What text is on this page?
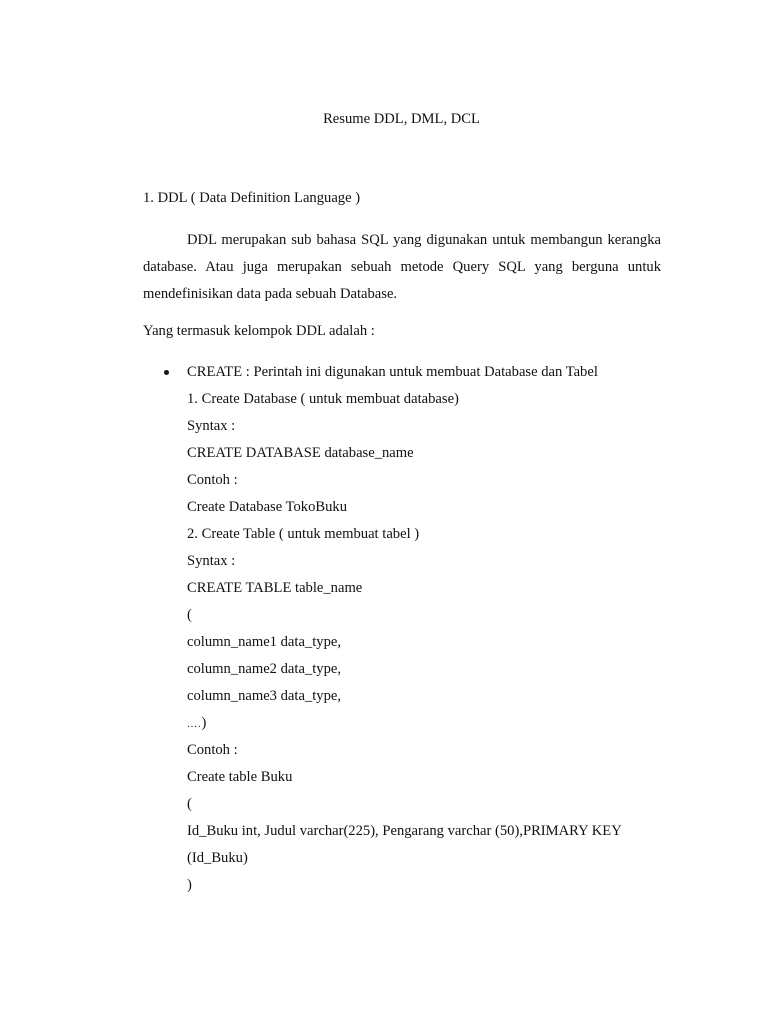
Resume DDL, DML, DCL
1. DDL ( Data Definition Language )

DDL merupakan sub bahasa SQL yang digunakan untuk membangun kerangka database. Atau juga merupakan sebuah metode Query SQL yang berguna untuk mendefinisikan data pada sebuah Database.

Yang termasuk kelompok DDL adalah :
CREATE : Perintah ini digunakan untuk membuat Database dan Tabel
1. Create Database ( untuk membuat database)
Syntax :
CREATE DATABASE database_name
Contoh :
Create Database TokoBuku
2. Create Table ( untuk membuat tabel )
Syntax :
CREATE TABLE table_name
(
column_name1 data_type,
column_name2 data_type,
column_name3 data_type,
….)
Contoh :
Create table Buku
(
Id_Buku int, Judul varchar(225), Pengarang varchar (50),PRIMARY KEY
(Id_Buku)
)
